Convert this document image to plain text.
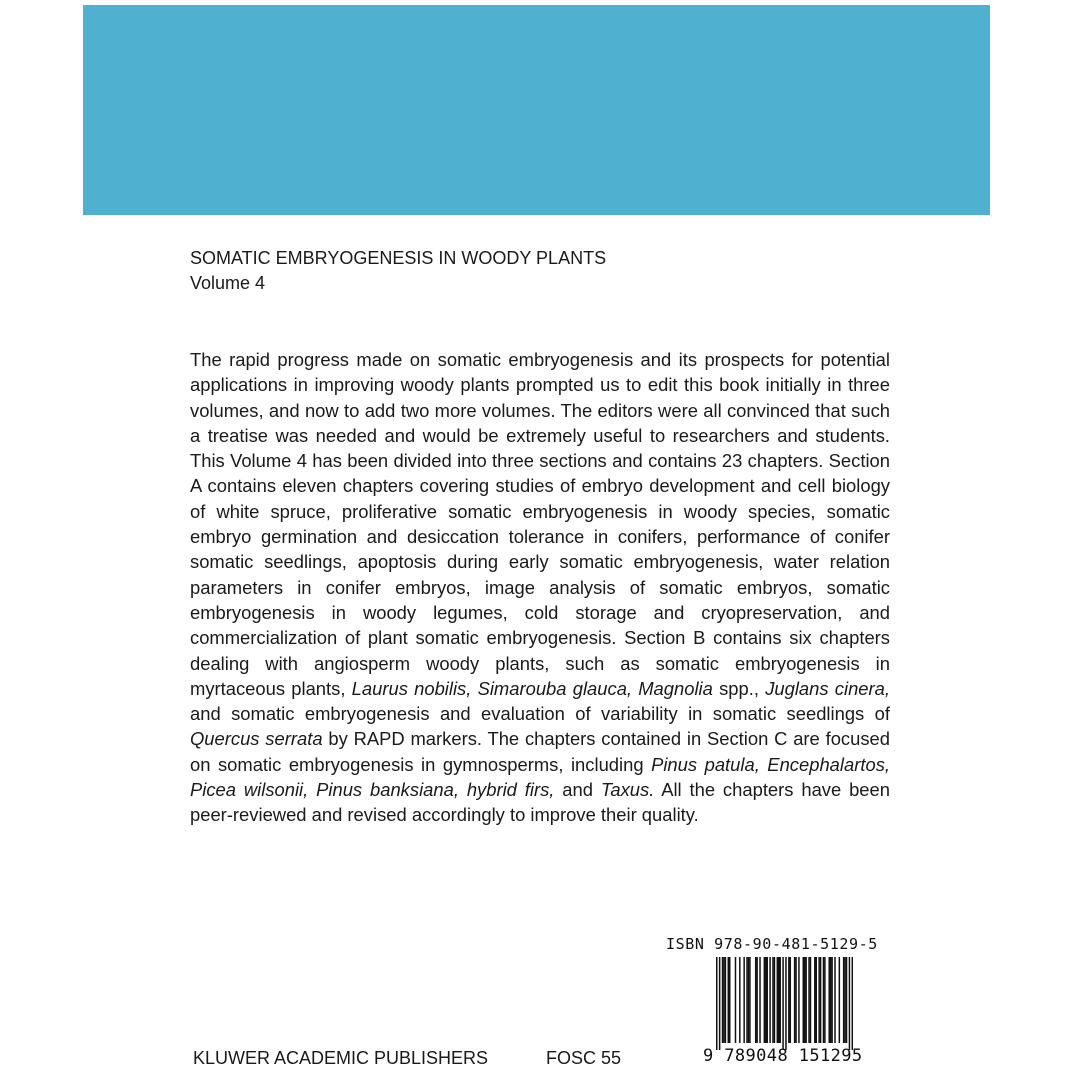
SOMATIC EMBRYOGENESIS IN WOODY PLANTS
Volume 4

The rapid progress made on somatic embryogenesis and its prospects for potential applications in improving woody plants prompted us to edit this book initially in three volumes, and now to add two more volumes. The editors were all convinced that such a treatise was needed and would be extremely useful to researchers and students. This Volume 4 has been divided into three sections and contains 23 chapters. Section A contains eleven chapters covering studies of embryo development and cell biology of white spruce, proliferative somatic embryogenesis in woody species, somatic embryo germination and desiccation tolerance in conifers, performance of conifer somatic seedlings, apoptosis during early somatic embryogenesis, water relation parameters in conifer embryos, image analysis of somatic embryos, somatic embryogenesis in woody legumes, cold storage and cryopreservation, and commercialization of plant somatic embryogenesis. Section B contains six chapters dealing with angiosperm woody plants, such as somatic embryogenesis in myrtaceous plants, Laurus nobilis, Simarouba glauca, Magnolia spp., Juglans cinera, and somatic embryogenesis and evaluation of variability in somatic seedlings of Quercus serrata by RAPD markers. The chapters contained in Section C are focused on somatic embryogenesis in gymnosperms, including Pinus patula, Encephalartos, Picea wilsonii, Pinus banksiana, hybrid firs, and Taxus. All the chapters have been peer-reviewed and revised accordingly to improve their quality.

ISBN 978-90-481-5129-5
9 789048 151295
KLUWER ACADEMIC PUBLISHERS	FOSC 55
